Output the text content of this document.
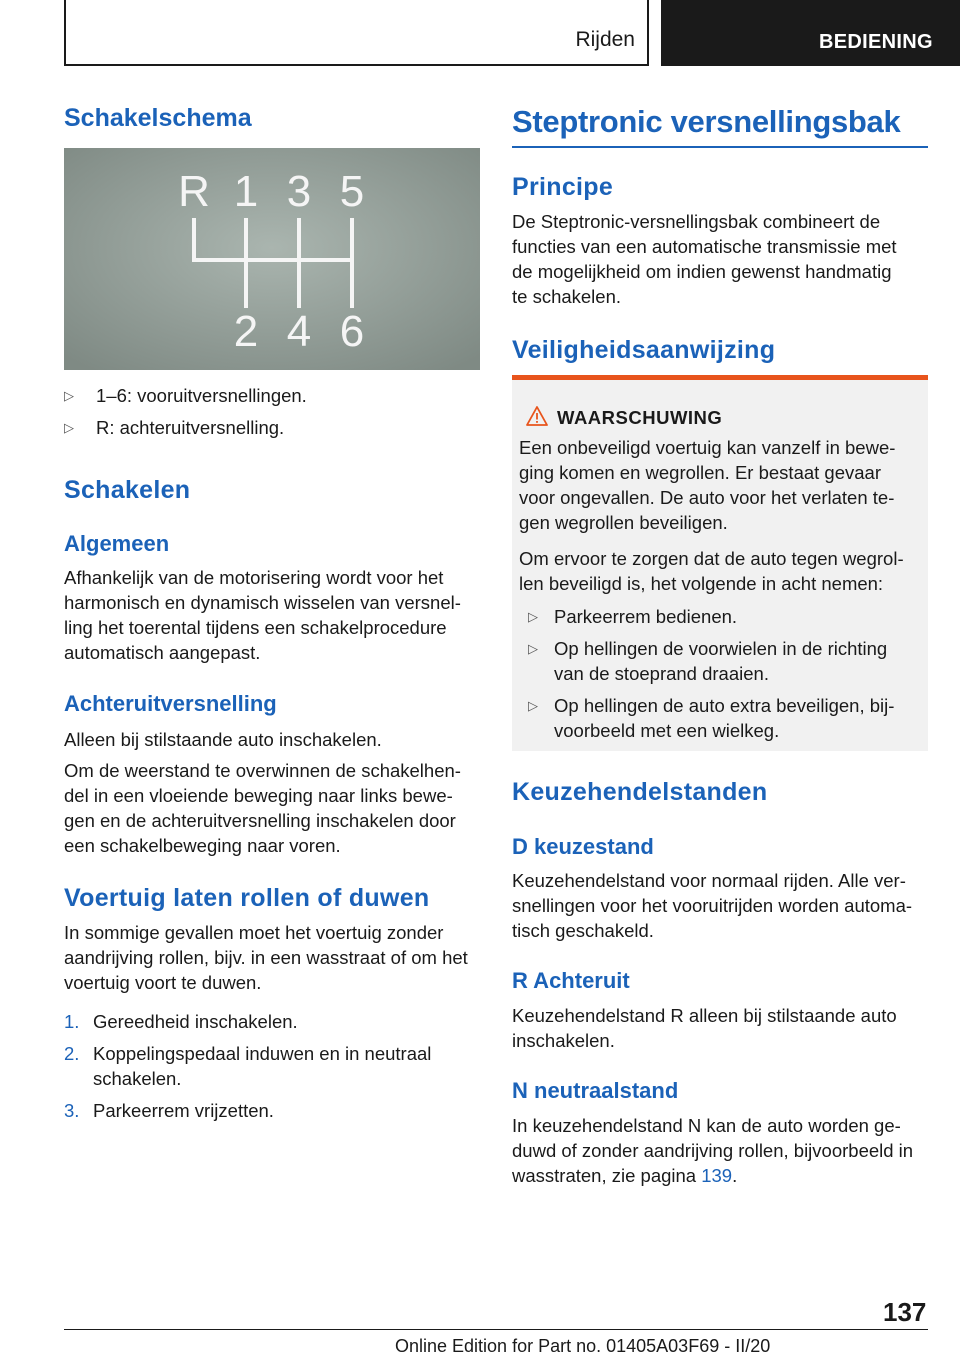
Rijden	BEDIENING
Schakelschema
R 1 3 5
2 4 6
▷ 1–6: vooruitversnellingen.
▷ R: achteruitversnelling.
Schakelen
Algemeen
Afhankelijk van de motorisering wordt voor het
harmonisch en dynamisch wisselen van versnel-
ling het toerental tijdens een schakelprocedure
automatisch aangepast.
Achteruitversnelling
Alleen bij stilstaande auto inschakelen.
Om de weerstand te overwinnen de schakelhen-
del in een vloeiende beweging naar links bewe-
gen en de achteruitversnelling inschakelen door
een schakelbeweging naar voren.
Voertuig laten rollen of duwen
In sommige gevallen moet het voertuig zonder
aandrijving rollen, bijv. in een wasstraat of om het
voertuig voort te duwen.
1. Gereedheid inschakelen.
2. Koppelingspedaal induwen en in neutraal
schakelen.
3. Parkeerrem vrijzetten.
Steptronic versnellingsbak
Principe
De Steptronic-versnellingsbak combineert de
functies van een automatische transmissie met
de mogelijkheid om indien gewenst handmatig
te schakelen.
Veiligheidsaanwijzing
WAARSCHUWING
Een onbeveiligd voertuig kan vanzelf in bewe-
ging komen en wegrollen. Er bestaat gevaar
voor ongevallen. De auto voor het verlaten te-
gen wegrollen beveiligen.
Om ervoor te zorgen dat de auto tegen wegrol-
len beveiligd is, het volgende in acht nemen:
▷ Parkeerrem bedienen.
▷ Op hellingen de voorwielen in de richting
van de stoeprand draaien.
▷ Op hellingen de auto extra beveiligen, bij-
voorbeeld met een wielkeg.
Keuzehendelstanden
D keuzestand
Keuzehendelstand voor normaal rijden. Alle ver-
snellingen voor het vooruitrijden worden automa-
tisch geschakeld.
R Achteruit
Keuzehendelstand R alleen bij stilstaande auto
inschakelen.
N neutraalstand
In keuzehendelstand N kan de auto worden ge-
duwd of zonder aandrijving rollen, bijvoorbeeld in
wasstraten, zie pagina 139.
137
Online Edition for Part no. 01405A03F69 - II/20
